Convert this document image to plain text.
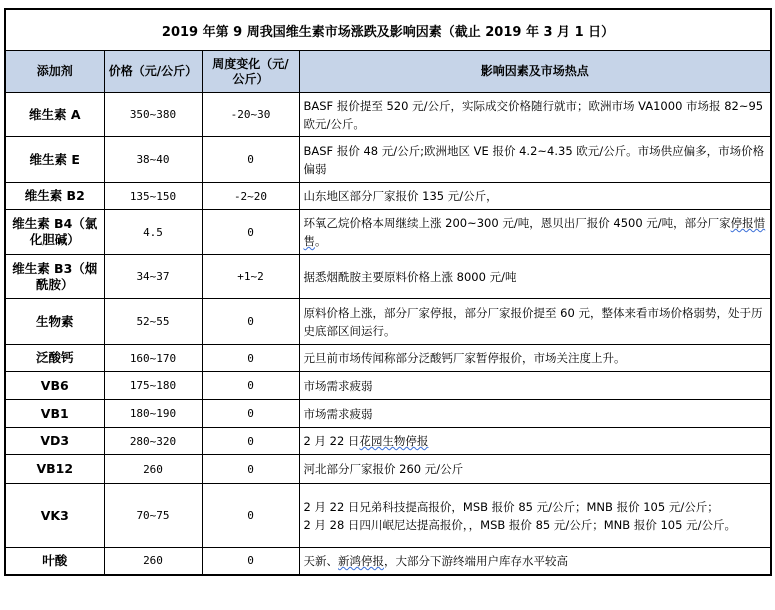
2019 年第 9 周我国维生素市场涨跌及影响因素（截止 2019 年 3 月 1 日）			
添加剂	价格（元/公斤）	周度变化（元/公斤）	影响因素及市场热点
维生素 A	350~380	-20~30	BASF 报价提至 520 元/公斤，实际成交价格随行就市；欧洲市场 VA1000 市场报 82~95 欧元/公斤。
维生素 E	38~40	0	BASF 报价 48 元/公斤;欧洲地区 VE 报价 4.2~4.35 欧元/公斤。市场供应偏多，市场价格偏弱
维生素 B2	135~150	-2~20	山东地区部分厂家报价 135 元/公斤，
维生素 B4（氯化胆碱）	4.5	0	环氧乙烷价格本周继续上涨 200~300 元/吨，恩贝出厂报价 4500 元/吨，部分厂家停报惜售。
维生素 B3（烟酰胺）	34~37	+1~2	据悉烟酰胺主要原料价格上涨 8000 元/吨
生物素	52~55	0	原料价格上涨，部分厂家停报，部分厂家报价提至 60 元，整体来看市场价格弱势，处于历史底部区间运行。
泛酸钙	160~170	0	元旦前市场传闻称部分泛酸钙厂家暂停报价，市场关注度上升。
VB6	175~180	0	市场需求疲弱
VB1	180~190	0	市场需求疲弱
VD3	280~320	0	2 月 22 日花园生物停报
VB12	260	0	河北部分厂家报价 260 元/公斤
VK3	70~75	0	2 月 22 日兄弟科技提高报价，MSB 报价 85 元/公斤；MNB 报价 105 元/公斤；
2 月 28 日四川岷尼达提高报价，，MSB 报价 85 元/公斤；MNB 报价 105 元/公斤。

叶酸	260	0	天新、新鸿停报，大部分下游终端用户库存水平较高
